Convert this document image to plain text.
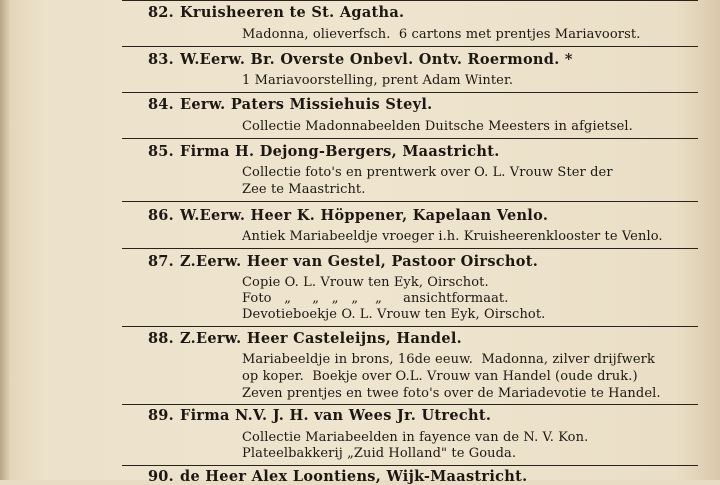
82. Kruisheeren te St. Agatha.
Madonna, olieverfsch.  6 cartons met prentjes Mariavoorst.
83. W.Eerw. Br. Overste Onbevl. Ontv. Roermond. *
1 Mariavoorstelling, prent Adam Winter.
84. Eerw. Paters Missiehuis Steyl.
Collectie Madonnabeelden Duitsche Meesters in afgietsel.
85. Firma H. Dejong-Bergers, Maastricht.
Collectie foto's en prentwerk over O. L. Vrouw Ster der
Zee te Maastricht.
86. W.Eerw. Heer K. Höppener, Kapelaan Venlo.
Antiek Mariabeeldje vroeger i.h. Kruisheerenklooster te Venlo.
87. Z.Eerw. Heer van Gestel, Pastoor Oirschot.
Copie O. L. Vrouw ten Eyk, Oirschot.
Foto   „     „   „   „    „     ansichtformaat.
Devotieboekje O. L. Vrouw ten Eyk, Oirschot.
88. Z.Eerw. Heer Casteleijns, Handel.
Mariabeeldje in brons, 16de eeuw.  Madonna, zilver drijfwerk
op koper.  Boekje over O.L. Vrouw van Handel (oude druk.)
Zeven prentjes en twee foto's over de Mariadevotie te Handel.
89. Firma N.V. J. H. van Wees Jr. Utrecht.
Collectie Mariabeelden in fayence van de N. V. Kon.
Plateelbakkerij „Zuid Holland" te Gouda.
90. de Heer Alex Loontiens, Wijk-Maastricht.
